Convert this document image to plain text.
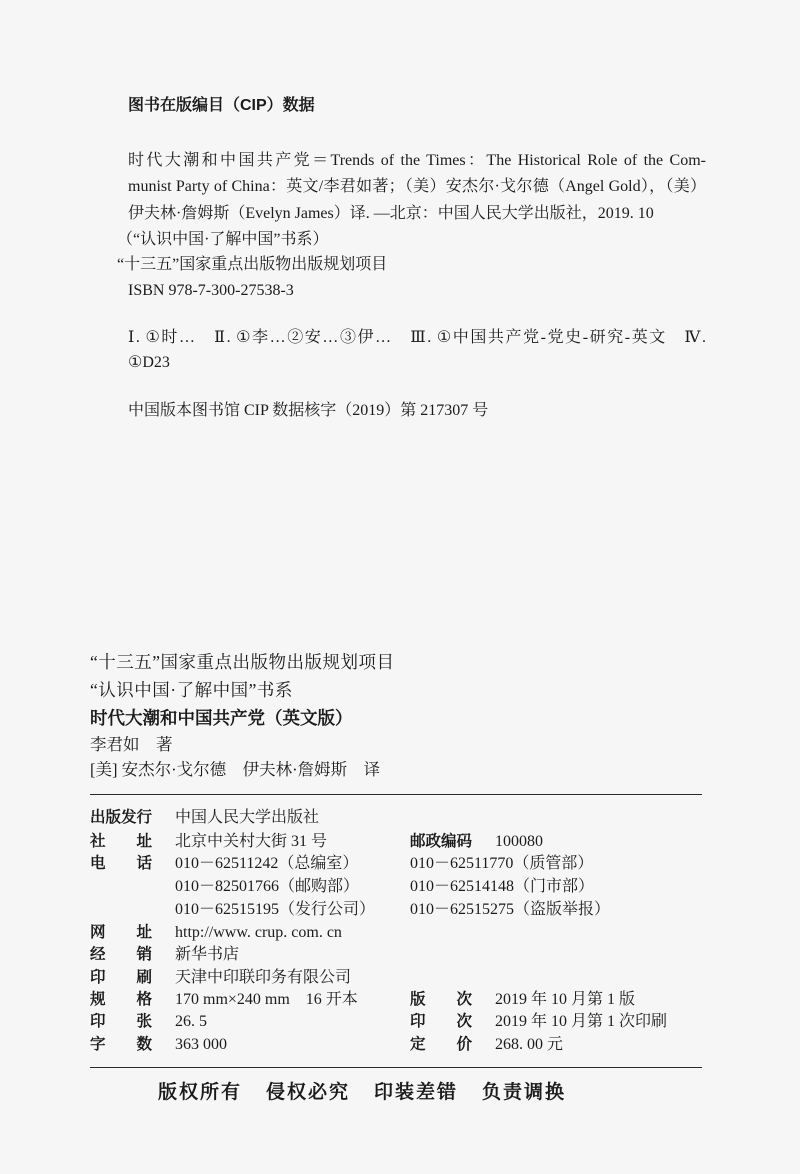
图书在版编目（CIP）数据
时代大潮和中国共产党＝Trends of the Times：The Historical Role of the Com-
munist Party of China：英文/李君如著；（美）安杰尔·戈尔德（Angel Gold），（美）
伊夫林·詹姆斯（Evelyn James）译. —北京：中国人民大学出版社，2019. 10
（“认识中国·了解中国”书系）
“十三五”国家重点出版物出版规划项目
ISBN 978-7-300-27538-3
Ⅰ. ①时…　Ⅱ. ①李…②安…③伊…　Ⅲ. ①中国共产党-党史-研究-英文　Ⅳ.
①D23
中国版本图书馆 CIP 数据核字（2019）第 217307 号
“十三五”国家重点出版物出版规划项目
“认识中国·了解中国”书系
时代大潮和中国共产党（英文版）
李君如　著
[美] 安杰尔·戈尔德　伊夫林·詹姆斯　译
出版发行 中国人民大学出版社
社　　址 北京中关村大街 31 号	邮政编码 100080
电　　话 010－62511242（总编室）	010－62511770（质管部）
010－82501766（邮购部）	010－62514148（门市部）
010－62515195（发行公司） 010－62515275（盗版举报）
网　　址 http://www. crup. com. cn
经　　销 新华书店
印　　刷 天津中印联印务有限公司
规　　格 170 mm×240 mm　16 开本	版　　次 2019 年 10 月第 1 版
印　　张 26. 5	印　　次 2019 年 10 月第 1 次印刷
字　　数 363 000	定　　价 268. 00 元
版权所有 侵权必究 印装差错 负责调换
